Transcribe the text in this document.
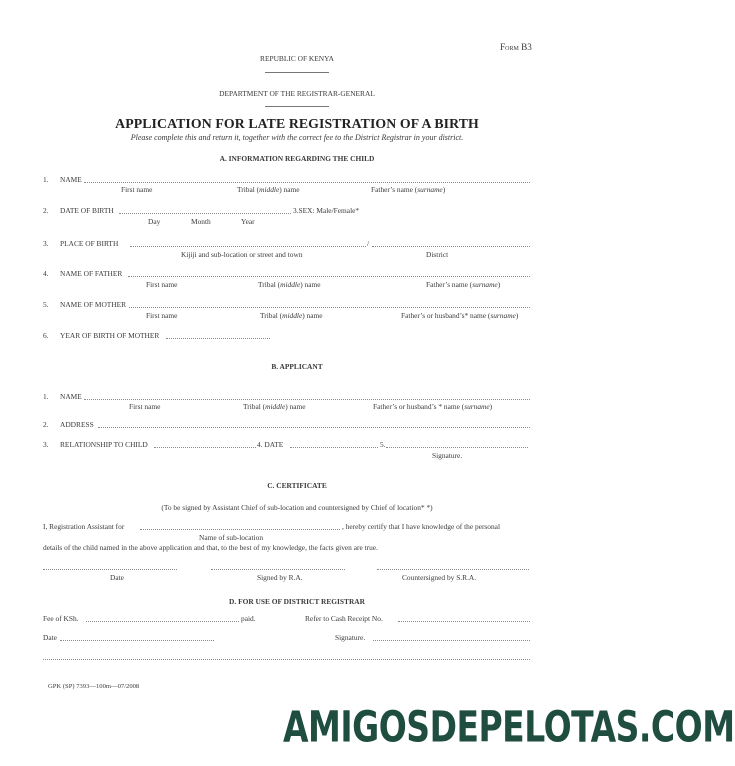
Form B3
REPUBLIC OF KENYA
DEPARTMENT OF THE REGISTRAR-GENERAL
APPLICATION FOR LATE REGISTRATION OF A BIRTH
Please complete this and return it, together with the correct fee to the District Registrar in your district.
A. INFORMATION REGARDING THE CHILD
1. NAME
First name	Tribal (middle) name	Father’s name (surname)
2. DATE OF BIRTH	3.SEX: Male/Female*
Day	Month	Year
3. PLACE OF BIRTH	/
Kijiji and sub-location or street and town	District
4. NAME OF FATHER
First name	Tribal (middle) name	Father’s name (surname)
5. NAME OF MOTHER
First name	Tribal (middle) name	Father’s or husband’s* name (surname)
6. YEAR OF BIRTH OF MOTHER
B. APPLICANT
1. NAME
First name	Tribal (middle) name	Father’s or husband’s * name (surname)
2. ADDRESS
3. RELATIONSHIP TO CHILD	4. DATE	5.
Signature.
C. CERTIFICATE
(To be signed by Assistant Chief of sub-location and countersigned by Chief of location* *)
I, Registration Assistant for	, hereby certify that I have knowledge of the personal
Name of sub-location
details of the child named in the above application and that, to the best of my knowledge, the facts given are true.
Date	Signed by R.A.	Countersigned by S.R.A.
D. FOR USE OF DISTRICT REGISTRAR
Fee of KSh.	paid.	Refer to Cash Receipt No.
Date	Signature.
GPK (SP) 7393—100m—07/2008
AMIGOSDEPELOTAS.COM
